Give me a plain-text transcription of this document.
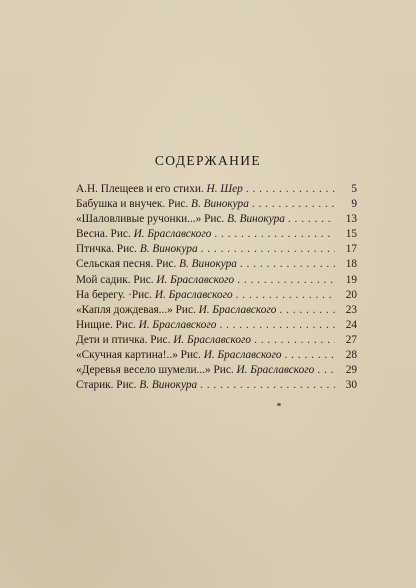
СОДЕРЖАНИЕ
А.Н. Плещеев и его стихи. Н. Шер . . .	5
Бабушка и внучек. Рис. В. Винокура . . .	9
«Шаловливые ручонки...» Рис. В. Винокура . . .	13
Весна. Рис. И. Браславского . . .	15
Птичка. Рис. В. Винокура . . .	17
Сельская песня. Рис. В. Винокура . . .	18
Мой садик. Рис. И. Браславского . . .	19
На берегу. ·Рис. И. Браславского . . .	20
«Капля дождевая...» Рис. И. Браславского . . .	23
Нищие. Рис. И. Браславского . . .	24
Дети и птичка. Рис. И. Браславского . . .	27
«Скучная картина!..» Рис. И. Браславского . . .	28
«Деревья весело шумели...» Рис. И. Браславского . . .	29
Старик. Рис. В. Винокура . . .	30
